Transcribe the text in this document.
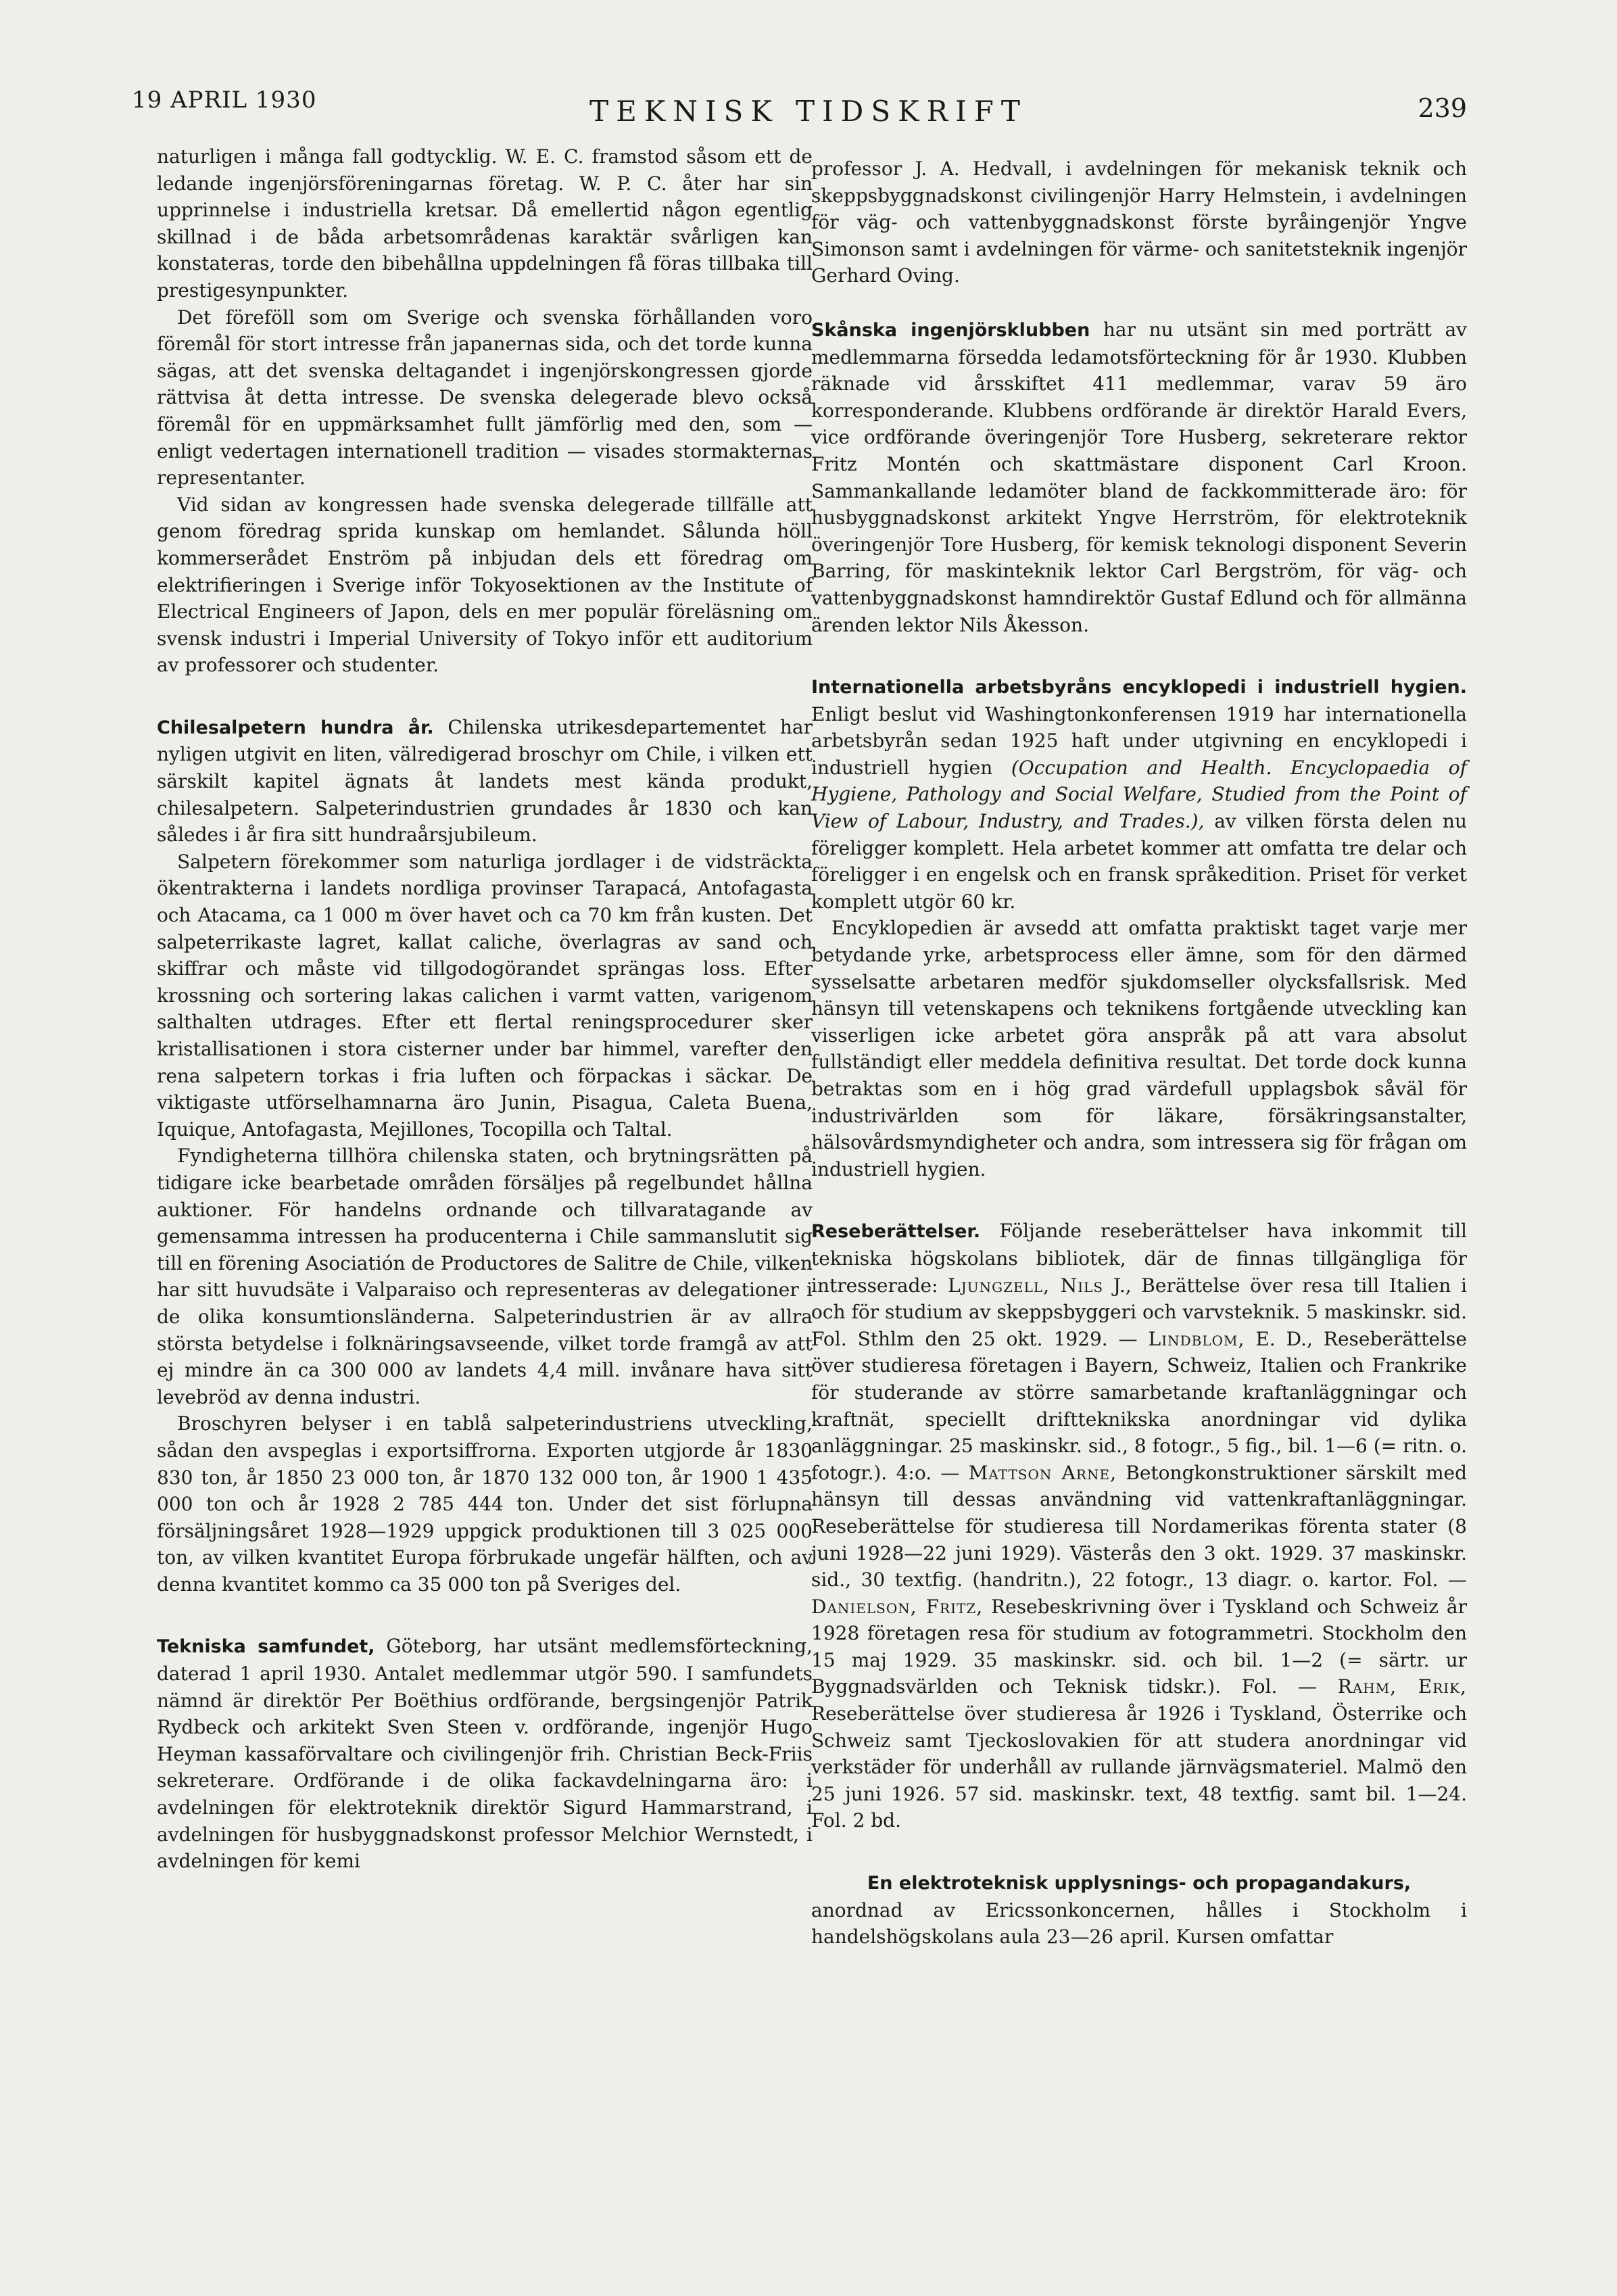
19 APRIL 1930	TEKNISK TIDSKRIFT	239

naturligen i många fall godtycklig. W. E. C. framstod såsom ett de ledande ingenjörsföreningarnas företag. W. P. C. åter har sin upprinnelse i industriella kretsar. Då emellertid någon egentlig skillnad i de båda arbetsområdenas karaktär svårligen kan konstateras, torde den bibehållna uppdelningen få föras tillbaka till prestigesynpunkter.

Det föreföll som om Sverige och svenska förhållanden voro föremål för stort intresse från japanernas sida, och det torde kunna sägas, att det svenska deltagandet i ingenjörskongressen gjorde rättvisa åt detta intresse. De svenska delegerade blevo också föremål för en uppmärksamhet fullt jämförlig med den, som — enligt vedertagen internationell tradition — visades stormakternas representanter.

Vid sidan av kongressen hade svenska delegerade tillfälle att genom föredrag sprida kunskap om hemlandet. Sålunda höll kommerserådet Enström på inbjudan dels ett föredrag om elektrifieringen i Sverige inför Tokyosektionen av the Institute of Electrical Engineers of Japon, dels en mer populär föreläsning om svensk industri i Imperial University of Tokyo inför ett auditorium av professorer och studenter.

Chilesalpetern hundra år. Chilenska utrikesdepartementet har nyligen utgivit en liten, välredigerad broschyr om Chile, i vilken ett särskilt kapitel ägnats åt landets mest kända produkt, chilesalpetern. Salpeterindustrien grundades år 1830 och kan således i år fira sitt hundraårsjubileum.

Salpetern förekommer som naturliga jordlager i de vidsträckta ökentrakterna i landets nordliga provinser Tarapacá, Antofagasta och Atacama, ca 1 000 m över havet och ca 70 km från kusten. Det salpeterrikaste lagret, kallat caliche, överlagras av sand och skiffrar och måste vid tillgodogörandet sprängas loss. Efter krossning och sortering lakas calichen i varmt vatten, varigenom salthalten utdrages. Efter ett flertal reningsprocedurer sker kristallisationen i stora cisterner under bar himmel, varefter den rena salpetern torkas i fria luften och förpackas i säckar. De viktigaste utförselhamnarna äro Junin, Pisagua, Caleta Buena, Iquique, Antofagasta, Mejillones, Tocopilla och Taltal.

Fyndigheterna tillhöra chilenska staten, och brytningsrätten på tidigare icke bearbetade områden försäljes på regelbundet hållna auktioner. För handelns ordnande och tillvaratagande av gemensamma intressen ha producenterna i Chile sammanslutit sig till en förening Asociatión de Productores de Salitre de Chile, vilken har sitt huvudsäte i Valparaiso och representeras av delegationer i de olika konsumtionsländerna. Salpeterindustrien är av allra största betydelse i folknäringsavseende, vilket torde framgå av att ej mindre än ca 300 000 av landets 4,4 mill. invånare hava sitt levebröd av denna industri.

Broschyren belyser i en tablå salpeterindustriens utveckling, sådan den avspeglas i exportsiffrorna. Exporten utgjorde år 1830 830 ton, år 1850 23 000 ton, år 1870 132 000 ton, år 1900 1 435 000 ton och år 1928 2 785 444 ton. Under det sist förlupna försäljningsåret 1928—1929 uppgick produktionen till 3 025 000 ton, av vilken kvantitet Europa förbrukade ungefär hälften, och av denna kvantitet kommo ca 35 000 ton på Sveriges del.

Tekniska samfundet, Göteborg, har utsänt medlemsförteckning, daterad 1 april 1930. Antalet medlemmar utgör 590. I samfundets nämnd är direktör Per Boëthius ordförande, bergsingenjör Patrik Rydbeck och arkitekt Sven Steen v. ordförande, ingenjör Hugo Heyman kassaförvaltare och civilingenjör frih. Christian Beck-Friis sekreterare. Ordförande i de olika fackavdelningarna äro: i avdelningen för elektroteknik direktör Sigurd Hammarstrand, i avdelningen för husbyggnadskonst professor Melchior Wernstedt, i avdelningen för kemi

professor J. A. Hedvall, i avdelningen för mekanisk teknik och skeppsbyggnadskonst civilingenjör Harry Helmstein, i avdelningen för väg- och vattenbyggnadskonst förste byråingenjör Yngve Simonson samt i avdelningen för värme- och sanitetsteknik ingenjör Gerhard Oving.

Skånska ingenjörsklubben har nu utsänt sin med porträtt av medlemmarna försedda ledamotsförteckning för år 1930. Klubben räknade vid årsskiftet 411 medlemmar, varav 59 äro korresponderande. Klubbens ordförande är direktör Harald Evers, vice ordförande överingenjör Tore Husberg, sekreterare rektor Fritz Montén och skattmästare disponent Carl Kroon. Sammankallande ledamöter bland de fackkommitterade äro: för husbyggnadskonst arkitekt Yngve Herrström, för elektroteknik överingenjör Tore Husberg, för kemisk teknologi disponent Severin Barring, för maskinteknik lektor Carl Bergström, för väg- och vattenbyggnadskonst hamndirektör Gustaf Edlund och för allmänna ärenden lektor Nils Åkesson.

Internationella arbetsbyråns encyklopedi i industriell hygien. Enligt beslut vid Washingtonkonferensen 1919 har internationella arbetsbyrån sedan 1925 haft under utgivning en encyklopedi i industriell hygien (Occupation and Health. Encyclopaedia of Hygiene, Pathology and Social Welfare, Studied from the Point of View of Labour, Industry, and Trades.), av vilken första delen nu föreligger komplett. Hela arbetet kommer att omfatta tre delar och föreligger i en engelsk och en fransk språkedition. Priset för verket komplett utgör 60 kr.

Encyklopedien är avsedd att omfatta praktiskt taget varje mer betydande yrke, arbetsprocess eller ämne, som för den därmed sysselsatte arbetaren medför sjukdomseller olycksfallsrisk. Med hänsyn till vetenskapens och teknikens fortgående utveckling kan visserligen icke arbetet göra anspråk på att vara absolut fullständigt eller meddela definitiva resultat. Det torde dock kunna betraktas som en i hög grad värdefull upplagsbok såväl för industrivärlden som för läkare, försäkringsanstalter, hälsovårdsmyndigheter och andra, som intressera sig för frågan om industriell hygien.

Reseberättelser. Följande reseberättelser hava inkommit till tekniska högskolans bibliotek, där de finnas tillgängliga för intresserade: Ljungzell, Nils J., Berättelse över resa till Italien i och för studium av skeppsbyggeri och varvsteknik. 5 maskinskr. sid. Fol. Sthlm den 25 okt. 1929. — Lindblom, E. D., Reseberättelse över studieresa företagen i Bayern, Schweiz, Italien och Frankrike för studerande av större samarbetande kraftanläggningar och kraftnät, speciellt driftteknikska anordningar vid dylika anläggningar. 25 maskinskr. sid., 8 fotogr., 5 fig., bil. 1—6 (= ritn. o. fotogr.). 4:o. — Mattson Arne, Betongkonstruktioner särskilt med hänsyn till dessas användning vid vattenkraftanläggningar. Reseberättelse för studieresa till Nordamerikas förenta stater (8 juni 1928—22 juni 1929). Västerås den 3 okt. 1929. 37 maskinskr. sid., 30 textfig. (handritn.), 22 fotogr., 13 diagr. o. kartor. Fol. — Danielson, Fritz, Resebeskrivning över i Tyskland och Schweiz år 1928 företagen resa för studium av fotogrammetri. Stockholm den 15 maj 1929. 35 maskinskr. sid. och bil. 1—2 (= särtr. ur Byggnadsvärlden och Teknisk tidskr.). Fol. — Rahm, Erik, Reseberättelse över studieresa år 1926 i Tyskland, Österrike och Schweiz samt Tjeckoslovakien för att studera anordningar vid verkstäder för underhåll av rullande järnvägsmateriel. Malmö den 25 juni 1926. 57 sid. maskinskr. text, 48 textfig. samt bil. 1—24. Fol. 2 bd.

En elektroteknisk upplysnings- och propagandakurs,

anordnad av Ericssonkoncernen, hålles i Stockholm i handelshögskolans aula 23—26 april. Kursen omfattar
